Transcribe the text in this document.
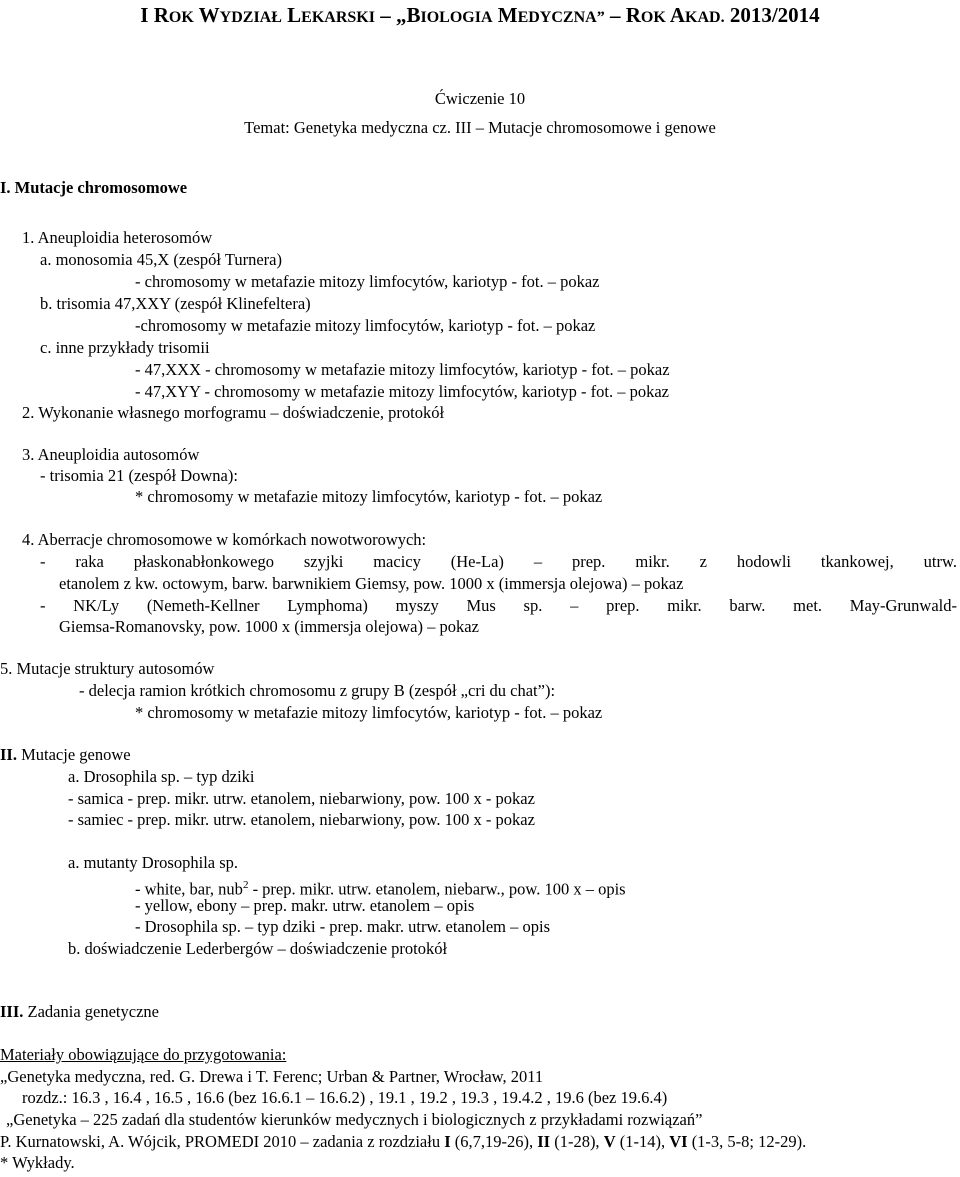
I ROK WYDZIAŁ LEKARSKI – „BIOLOGIA MEDYCZNA” – ROK AKAD. 2013/2014
Ćwiczenie 10
Temat: Genetyka medyczna cz. III – Mutacje chromosomowe i genowe
I. Mutacje chromosomowe
1. Aneuploidia heterosomów
a. monosomia 45,X (zespół Turnera)
- chromosomy w metafazie mitozy limfocytów, kariotyp - fot. – pokaz
b. trisomia 47,XXY (zespół Klinefeltera)
-chromosomy w metafazie mitozy limfocytów, kariotyp - fot. – pokaz
c. inne przykłady trisomii
- 47,XXX - chromosomy w metafazie mitozy limfocytów, kariotyp - fot. – pokaz
- 47,XYY - chromosomy w metafazie mitozy limfocytów, kariotyp - fot. – pokaz
2. Wykonanie własnego morfogramu – doświadczenie, protokół
3. Aneuploidia autosomów
- trisomia 21 (zespół Downa):
* chromosomy w metafazie mitozy limfocytów, kariotyp - fot. – pokaz
4. Aberracje chromosomowe w komórkach nowotworowych:
- raka płaskonabłonkowego szyjki macicy (He-La) – prep. mikr. z hodowli tkankowej, utrw.
etanolem z kw. octowym, barw. barwnikiem Giemsy, pow. 1000 x (immersja olejowa) – pokaz
- NK/Ly (Nemeth-Kellner Lymphoma) myszy Mus sp. – prep. mikr. barw. met. May-Grunwald-
Giemsa-Romanovsky, pow. 1000 x (immersja olejowa) – pokaz
5. Mutacje struktury autosomów
- delecja ramion krótkich chromosomu z grupy B (zespół „cri du chat”):
* chromosomy w metafazie mitozy limfocytów, kariotyp - fot. – pokaz
II. Mutacje genowe
a. Drosophila sp. – typ dziki
- samica - prep. mikr. utrw. etanolem, niebarwiony, pow. 100 x - pokaz
- samiec - prep. mikr. utrw. etanolem, niebarwiony, pow. 100 x - pokaz
a. mutanty Drosophila sp.
- white, bar, nub$^2$ - prep. mikr. utrw. etanolem, niebarw., pow. 100 x – opis
- yellow, ebony – prep. makr. utrw. etanolem – opis
- Drosophila sp. – typ dziki - prep. makr. utrw. etanolem – opis
b. doświadczenie Lederbergów – doświadczenie protokół
III. Zadania genetyczne
Materiały obowiązujące do przygotowania:
„Genetyka medyczna, red. G. Drewa i T. Ferenc; Urban & Partner, Wrocław, 2011
rozdz.: 16.3 , 16.4 , 16.5 , 16.6 (bez 16.6.1 – 16.6.2) , 19.1 , 19.2 , 19.3 , 19.4.2 , 19.6 (bez 19.6.4)
„Genetyka – 225 zadań dla studentów kierunków medycznych i biologicznych z przykładami rozwiązań”
P. Kurnatowski, A. Wójcik, PROMEDI 2010 – zadania z rozdziału I (6,7,19-26), II (1-28), V (1-14), VI (1-3, 5-8; 12-29).
* Wykłady.
